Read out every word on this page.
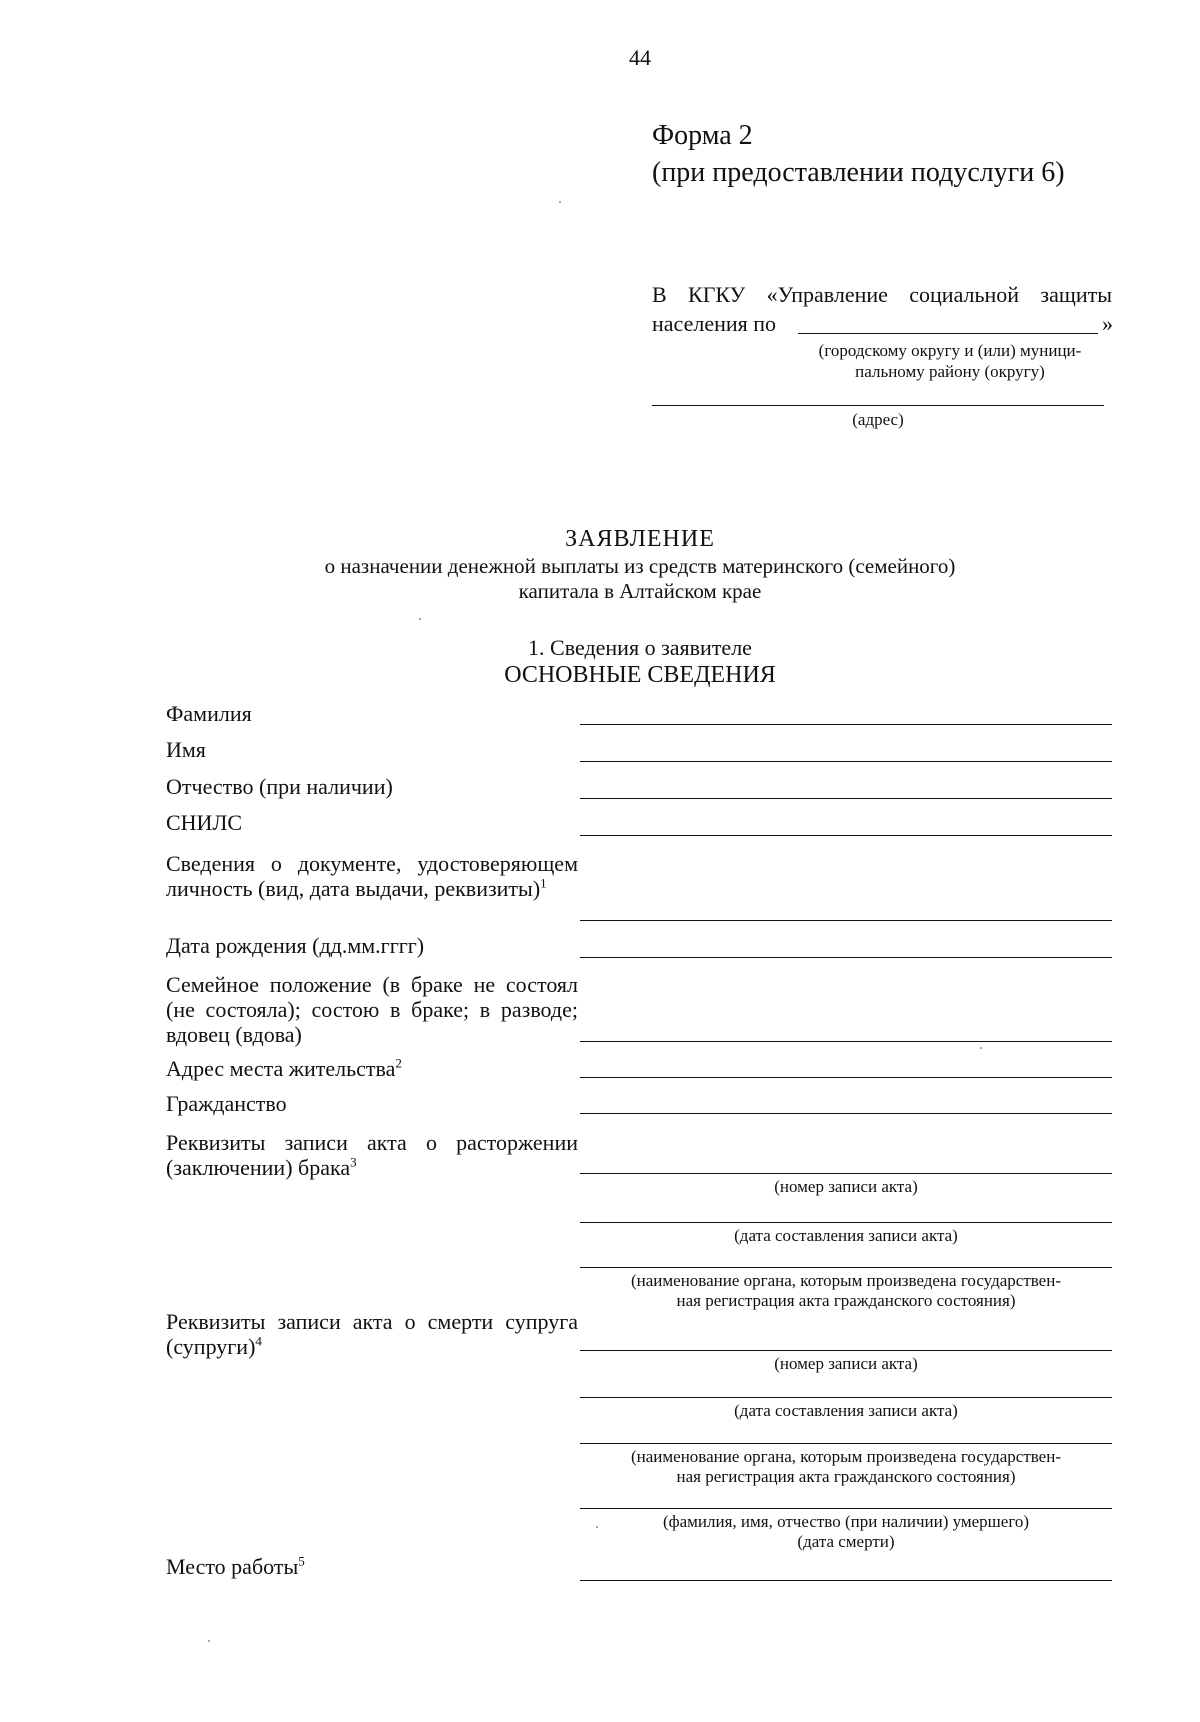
44
Форма 2
(при предоставлении подуслуги 6)
В КГКУ «Управление социальной защиты
населения по	»
(городскому округу и (или) муници-
пальному району (округу)
(адрес)
ЗАЯВЛЕНИЕ
о назначении денежной выплаты из средств материнского (семейного)
капитала в Алтайском крае
1. Сведения о заявителе
ОСНОВНЫЕ СВЕДЕНИЯ
Фамилия
Имя
Отчество (при наличии)
СНИЛС
Сведения о документе, удостоверяющем личность (вид, дата выдачи, реквизиты)$^1$
Дата рождения (дд.мм.гггг)
Семейное положение (в браке не состоял (не состояла); состою в браке; в разводе; вдовец (вдова)
Адрес места жительства$^2$
Гражданство
Реквизиты записи акта о расторжении (заключении) брака$^3$
(номер записи акта)
(дата составления записи акта)
(наименование органа, которым произведена государствен-
ная регистрация акта гражданского состояния)
Реквизиты записи акта о смерти супруга (супруги)$^4$
(номер записи акта)
(дата составления записи акта)
(наименование органа, которым произведена государствен-
ная регистрация акта гражданского состояния)
(фамилия, имя, отчество (при наличии) умершего)
(дата смерти)
Место работы$^5$
